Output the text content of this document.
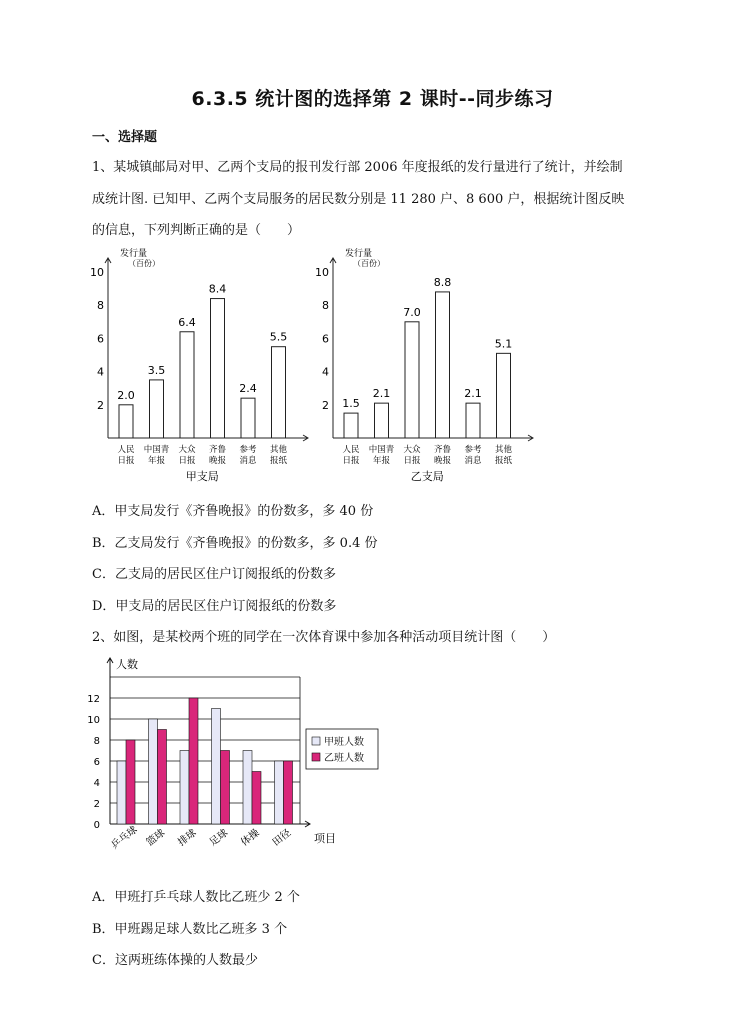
6.3.5 统计图的选择第 2 课时--同步练习
一、选择题
1、某城镇邮局对甲、乙两个支局的报刊发行部 2006 年度报纸的发行量进行了统计，并绘制
成统计图. 已知甲、乙两个支局服务的居民数分别是 11 280 户、8 600 户，根据统计图反映
的信息，下列判断正确的是（　　）
发行量
（百份）
2
4
6
8
10
2.0
人民
日报
3.5
中国青
年报
6.4
大众
日报
8.4
齐鲁
晚报
2.4
参考
消息
5.5
其他
报纸
甲支局
发行量
（百份）
2
4
6
8
10
1.5
人民
日报
2.1
中国青
年报
7.0
大众
日报
8.8
齐鲁
晚报
2.1
参考
消息
5.1
其他
报纸
乙支局
A．甲支局发行《齐鲁晚报》的份数多，多 40 份
B．乙支局发行《齐鲁晚报》的份数多，多 0.4 份
C．乙支局的居民区住户订阅报纸的份数多
D．甲支局的居民区住户订阅报纸的份数多
2、如图，是某校两个班的同学在一次体育课中参加各种活动项目统计图（　　）
人数
项目
0
2
4
6
8
10
12
乒乓球 篮球 排球 足球 体操 田径
甲班人数
乙班人数
A．甲班打乒乓球人数比乙班少 2 个
B．甲班踢足球人数比乙班多 3 个
C．这两班练体操的人数最少
